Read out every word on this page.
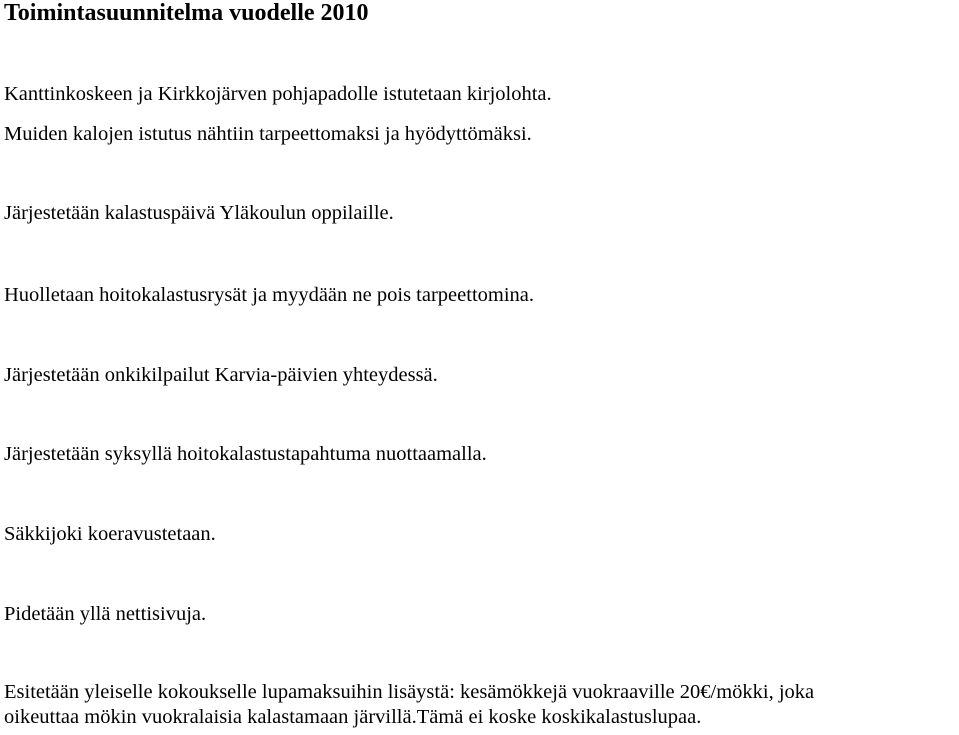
Toimintasuunnitelma vuodelle 2010

Kanttinkoskeen ja Kirkkojärven pohjapadolle istutetaan kirjolohta.

Muiden kalojen istutus nähtiin tarpeettomaksi ja hyödyttömäksi.

Järjestetään kalastuspäivä Yläkoulun oppilaille.

Huolletaan hoitokalastusrysät ja myydään ne pois tarpeettomina.

Järjestetään onkikilpailut Karvia-päivien yhteydessä.

Järjestetään syksyllä hoitokalastustapahtuma nuottaamalla.

Säkkijoki koeravustetaan.

Pidetään yllä nettisivuja.

Esitetään yleiselle kokoukselle lupamaksuihin lisäystä: kesämökkejä vuokraaville 20€/mökki, joka

oikeuttaa mökin vuokralaisia kalastamaan järvillä.Tämä ei koske koskikalastuslupaa.
